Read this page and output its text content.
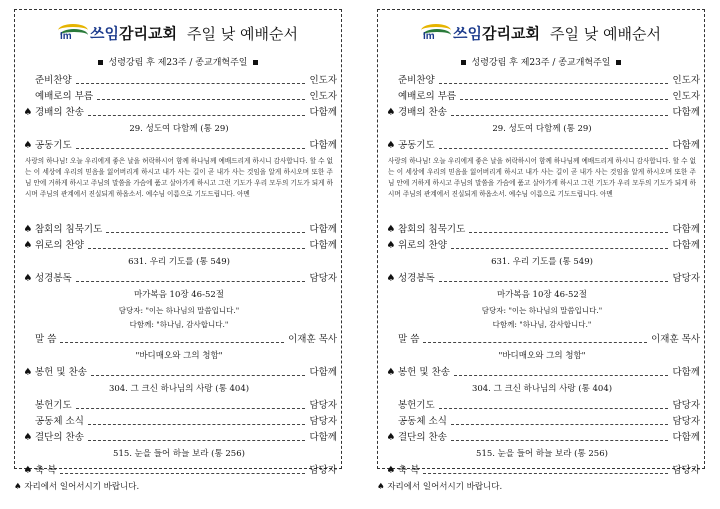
Im 쓰임감리교회 주일 낮 예배순서
성령강림 후 제23주 / 종교개혁주일
준비찬양	인도자
예배로의 부름	인도자
♠ 경배의 찬송	다함께
29. 성도여 다함께 (통 29)
♠ 공동기도	다함께
사랑의 하나님! 오늘 우리에게 좋은 날을 허락하시어 함께 하나님께 예배드리게 하시니 감사합니다. 할 수 없는 이 세상에 우리의 믿음을 잃어버리게 하시고 내가 사는 길이 곧 내가 사는 것임을 알게 하시오며 또한 주님 안에 거하게 하시고 주님의 말씀을 가슴에 품고 살아가게 하시고 그런 기도가 우리 모두의 기도가 되게 하시며 주님의 관계에서 진실되게 하옵소서. 예수님 이름으로 기도드립니다. 아멘
♠ 참회의 침묵기도	다함께
♠ 위로의 찬양	다함께
631. 우리 기도를 (통 549)
♠ 성경봉독	담당자
마가복음 10장 46-52절
담당자: "이는 하나님의 말씀입니다."
다함께: "하나님, 감사합니다."
말 씀	이재훈 목사
"바디매오와 그의 청함"
♠ 봉헌 및 찬송	다함께
304. 그 크신 하나님의 사랑 (통 404)
봉헌기도	담당자
공동체 소식	담당자
♠ 결단의 찬송	다함께
515. 눈을 들어 하늘 보라 (통 256)
♠ 축 복	담당자
Im 쓰임감리교회 주일 낮 예배순서
성령강림 후 제23주 / 종교개혁주일
준비찬양	인도자
예배로의 부름	인도자
♠ 경배의 찬송	다함께
29. 성도여 다함께 (통 29)
♠ 공동기도	다함께
사랑의 하나님! 오늘 우리에게 좋은 날을 허락하시어 함께 하나님께 예배드리게 하시니 감사합니다. 할 수 없는 이 세상에 우리의 믿음을 잃어버리게 하시고 내가 사는 길이 곧 내가 사는 것임을 알게 하시오며 또한 주님 안에 거하게 하시고 주님의 말씀을 가슴에 품고 살아가게 하시고 그런 기도가 우리 모두의 기도가 되게 하시며 주님의 관계에서 진실되게 하옵소서. 예수님 이름으로 기도드립니다. 아멘
♠ 참회의 침묵기도	다함께
♠ 위로의 찬양	다함께
631. 우리 기도를 (통 549)
♠ 성경봉독	담당자
마가복음 10장 46-52절
담당자: "이는 하나님의 말씀입니다."
다함께: "하나님, 감사합니다."
말 씀	이재훈 목사
"바디매오와 그의 청함"
♠ 봉헌 및 찬송	다함께
304. 그 크신 하나님의 사랑 (통 404)
봉헌기도	담당자
공동체 소식	담당자
♠ 결단의 찬송	다함께
515. 눈을 들어 하늘 보라 (통 256)
♠ 축 복	담당자
♠ 자리에서 일어서시기 바랍니다.	♠ 자리에서 일어서시기 바랍니다.
